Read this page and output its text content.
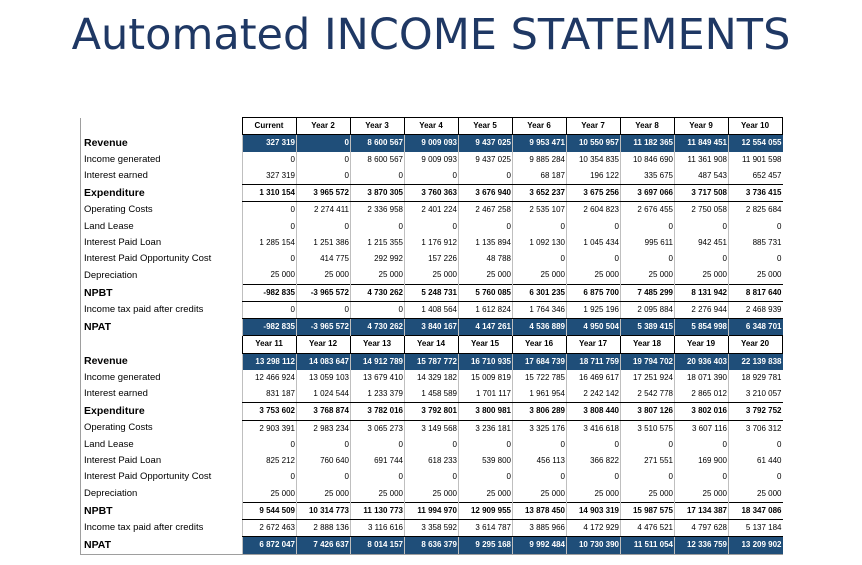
Automated INCOME STATEMENTS
	Current	Year 2	Year 3	Year 4	Year 5	Year 6	Year 7	Year 8	Year 9	Year 10
Revenue	327 319	0	8 600 567	9 009 093	9 437 025	9 953 471	10 550 957	11 182 365	11 849 451	12 554 055
Income generated	0	0	8 600 567	9 009 093	9 437 025	9 885 284	10 354 835	10 846 690	11 361 908	11 901 598
Interest earned	327 319	0	0	0	0	68 187	196 122	335 675	487 543	652 457
Expenditure	1 310 154	3 965 572	3 870 305	3 760 363	3 676 940	3 652 237	3 675 256	3 697 066	3 717 508	3 736 415
Operating Costs	0	2 274 411	2 336 958	2 401 224	2 467 258	2 535 107	2 604 823	2 676 455	2 750 058	2 825 684
Land Lease	0	0	0	0	0	0	0	0	0	0
Interest Paid Loan	1 285 154	1 251 386	1 215 355	1 176 912	1 135 894	1 092 130	1 045 434	995 611	942 451	885 731
Interest Paid Opportunity Cost	0	414 775	292 992	157 226	48 788	0	0	0	0	0
Depreciation	25 000	25 000	25 000	25 000	25 000	25 000	25 000	25 000	25 000	25 000
NPBT	-982 835	-3 965 572	4 730 262	5 248 731	5 760 085	6 301 235	6 875 700	7 485 299	8 131 942	8 817 640
Income tax paid after credits	0	0	0	1 408 564	1 612 824	1 764 346	1 925 196	2 095 884	2 276 944	2 468 939
NPAT	-982 835	-3 965 572	4 730 262	3 840 167	4 147 261	4 536 889	4 950 504	5 389 415	5 854 998	6 348 701
	Year 11	Year 12	Year 13	Year 14	Year 15	Year 16	Year 17	Year 18	Year 19	Year 20
Revenue	13 298 112	14 083 647	14 912 789	15 787 772	16 710 935	17 684 739	18 711 759	19 794 702	20 936 403	22 139 838
Income generated	12 466 924	13 059 103	13 679 410	14 329 182	15 009 819	15 722 785	16 469 617	17 251 924	18 071 390	18 929 781
Interest earned	831 187	1 024 544	1 233 379	1 458 589	1 701 117	1 961 954	2 242 142	2 542 778	2 865 012	3 210 057
Expenditure	3 753 602	3 768 874	3 782 016	3 792 801	3 800 981	3 806 289	3 808 440	3 807 126	3 802 016	3 792 752
Operating Costs	2 903 391	2 983 234	3 065 273	3 149 568	3 236 181	3 325 176	3 416 618	3 510 575	3 607 116	3 706 312
Land Lease	0	0	0	0	0	0	0	0	0	0
Interest Paid Loan	825 212	760 640	691 744	618 233	539 800	456 113	366 822	271 551	169 900	61 440
Interest Paid Opportunity Cost	0	0	0	0	0	0	0	0	0	0
Depreciation	25 000	25 000	25 000	25 000	25 000	25 000	25 000	25 000	25 000	25 000
NPBT	9 544 509	10 314 773	11 130 773	11 994 970	12 909 955	13 878 450	14 903 319	15 987 575	17 134 387	18 347 086
Income tax paid after credits	2 672 463	2 888 136	3 116 616	3 358 592	3 614 787	3 885 966	4 172 929	4 476 521	4 797 628	5 137 184
NPAT	6 872 047	7 426 637	8 014 157	8 636 379	9 295 168	9 992 484	10 730 390	11 511 054	12 336 759	13 209 902
